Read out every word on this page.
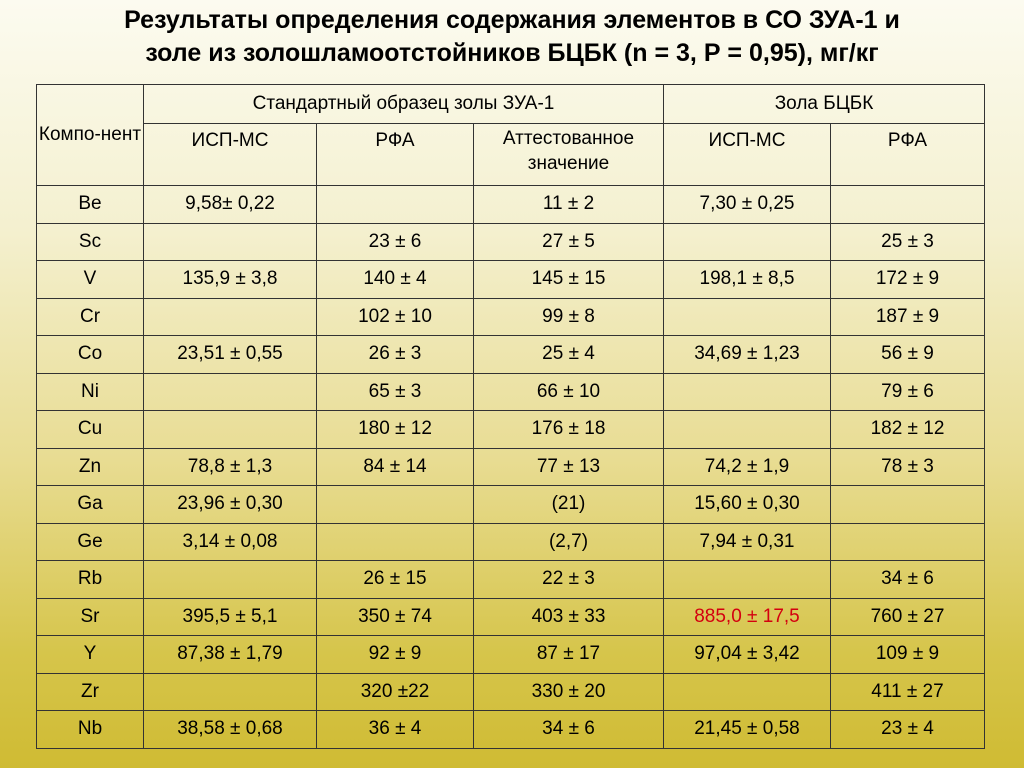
Результаты определения содержания элементов в СО ЗУА-1 и
золе из золошламоотстойников БЦБК (n = 3, Р = 0,95), мг/кг
Компо-нент	Стандартный образец золы ЗУА-1			Зола БЦБК	
	ИСП-МС	РФА	Аттестованное значение	ИСП-МС	РФА
Be	9,58± 0,22		11 ± 2	7,30 ± 0,25	
Sc		23 ± 6	27 ± 5		25 ± 3
V	135,9 ± 3,8	140 ± 4	145 ± 15	198,1 ± 8,5	172 ± 9
Cr		102 ± 10	99 ± 8		187 ± 9
Co	23,51 ± 0,55	26 ± 3	25 ± 4	34,69 ± 1,23	56 ± 9
Ni		65 ± 3	66 ± 10		79 ± 6
Cu		180 ± 12	176 ± 18		182 ± 12
Zn	78,8 ± 1,3	84 ± 14	77 ± 13	74,2 ± 1,9	78 ± 3
Ga	23,96 ± 0,30		(21)	15,60 ± 0,30	
Ge	3,14 ± 0,08		(2,7)	7,94 ± 0,31	
Rb		26 ± 15	22 ± 3		34 ± 6
Sr	395,5 ± 5,1	350 ± 74	403 ± 33	885,0 ± 17,5	760 ± 27
Y	87,38 ± 1,79	92 ± 9	87 ± 17	97,04 ± 3,42	109 ± 9
Zr		320 ±22	330 ± 20		411 ± 27
Nb	38,58 ± 0,68	36 ± 4	34 ± 6	21,45 ± 0,58	23 ± 4
